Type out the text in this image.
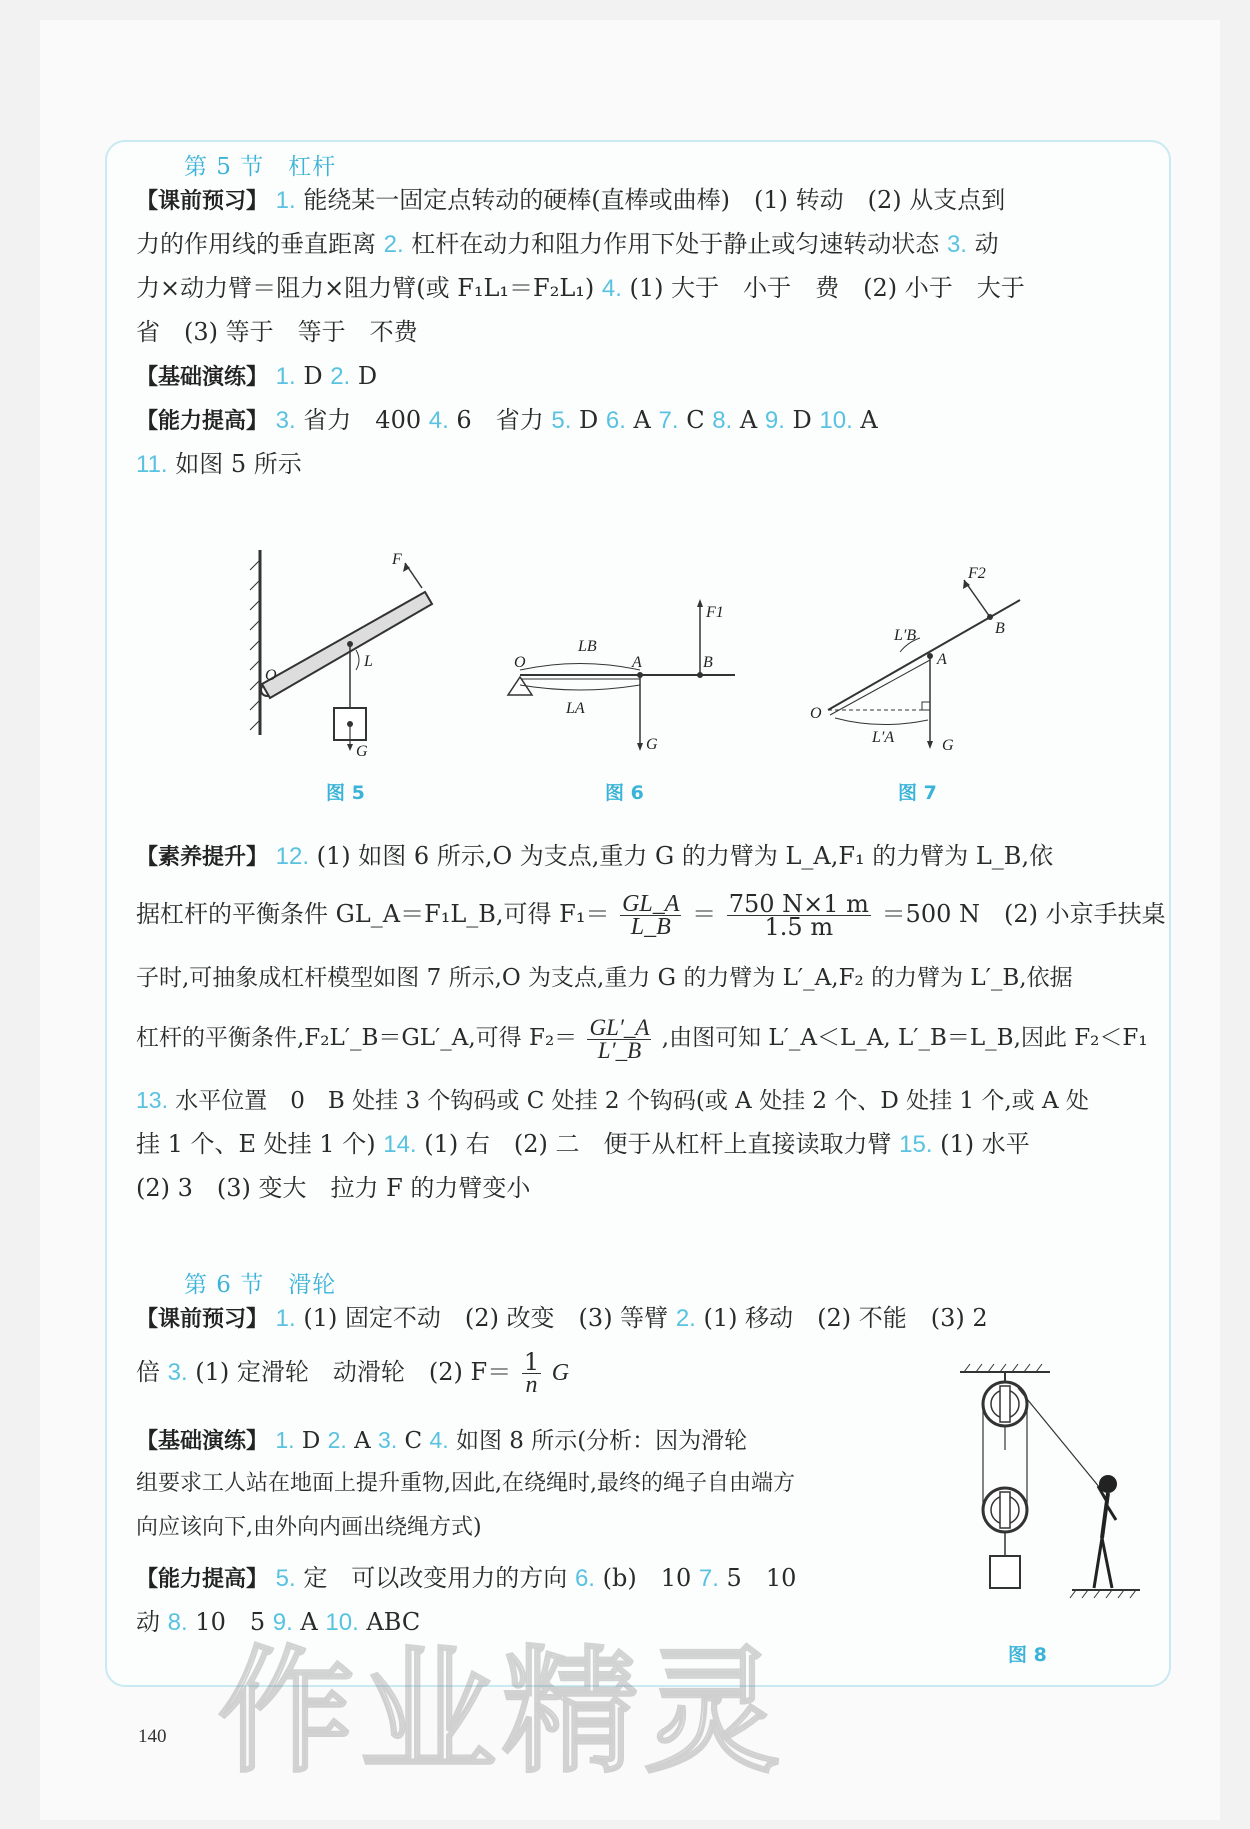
第 5 节　杠杆
【课前预习】 1. 能绕某一固定点转动的硬棒(直棒或曲棒)　(1) 转动　(2) 从支点到
力的作用线的垂直距离 2. 杠杆在动力和阻力作用下处于静止或匀速转动状态 3. 动
力×动力臂＝阻力×阻力臂(或 F₁L₁＝F₂L₁) 4. (1) 大于　小于　费　(2) 小于　大于
省　(3) 等于　等于　不费
【基础演练】 1. D 2. D
【能力提高】 3. 省力　400 4. 6　省力 5. D 6. A 7. C 8. A 9. D 10. A
11. 如图 5 所示
F
O
L
G
图 5
O	A	B
LB
LA
F1
G
图 6
O
A
B
L′B
L′A
F2
G
图 7
【素养提升】 12. (1) 如图 6 所示,O 为支点,重力 G 的力臂为 L_A,F₁ 的力臂为 L_B,依
据杠杆的平衡条件 GL_A＝F₁L_B,可得 $F_1= \frac{GL\_A}{L\_B} = \frac{750 N\times 1 m}{1.5 m} =500$ N　(2) 小京手扶桌
子时,可抽象成杠杆模型如图 7 所示,O 为支点,重力 G 的力臂为 L′_A,F₂ 的力臂为 L′_B,依据
杠杆的平衡条件,F₂L′_B＝GL′_A,可得 $F_2= \frac{GL'\_A}{L'\_B}$ ,由图可知 L′_A＜L_A, L′_B＝L_B,因此 F₂＜F₁
13. 水平位置　0　B 处挂 3 个钩码或 C 处挂 2 个钩码(或 A 处挂 2 个、D 处挂 1 个,或 A 处
挂 1 个、E 处挂 1 个) 14. (1) 右　(2) 二　便于从杠杆上直接读取力臂 15. (1) 水平
(2) 3　(3) 变大　拉力 F 的力臂变小
第 6 节　滑轮
【课前预习】 1. (1) 固定不动　(2) 改变　(3) 等臂 2. (1) 移动　(2) 不能　(3) 2
倍 3. (1) 定滑轮　动滑轮　(2) $F= \frac{1}{n}$ G
【基础演练】 1. D 2. A 3. C 4. 如图 8 所示(分析：因为滑轮
组要求工人站在地面上提升重物,因此,在绕绳时,最终的绳子自由端方
向应该向下,由外向内画出绕绳方式)
【能力提高】 5. 定　可以改变用力的方向 6. (b)　10 7. 5　10
动 8. 10　5 9. A 10. ABC
图 8
140
